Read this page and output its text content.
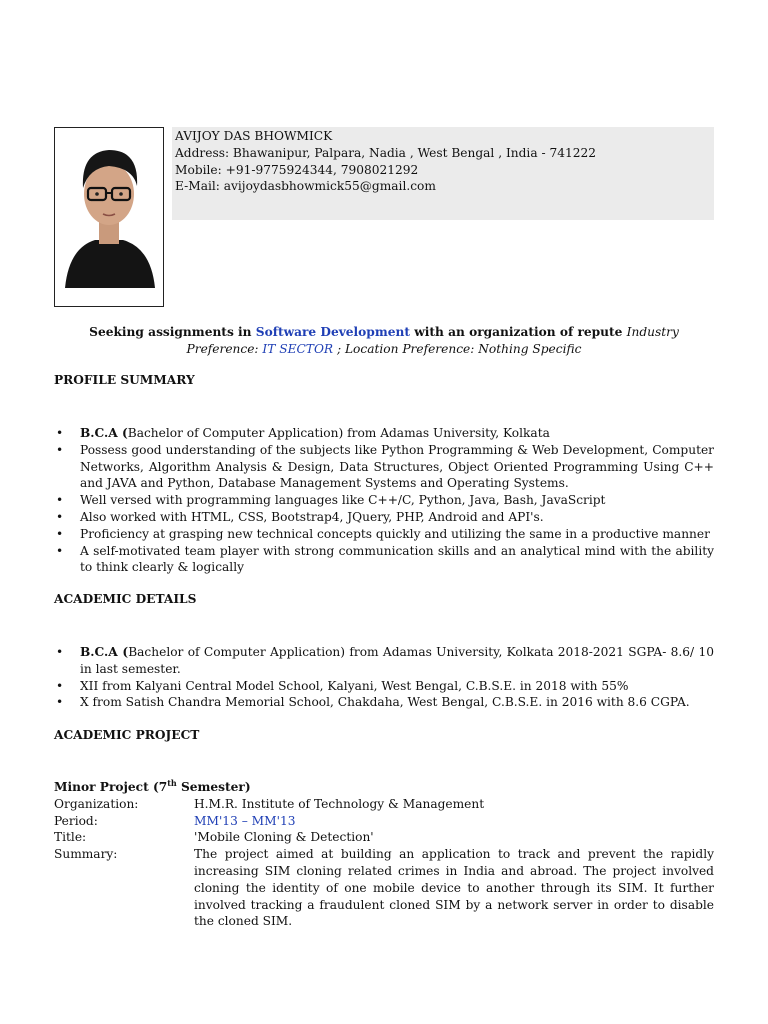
AVIJOY DAS BHOWMICK
Address: Bhawanipur, Palpara, Nadia , West Bengal , India - 741222
Mobile: +91-9775924344, 7908021292
E-Mail: avijoydasbhowmick55@gmail.com
Seeking assignments in Software Development with an organization of repute Industry Preference: IT SECTOR ; Location Preference: Nothing Specific
PROFILE SUMMARY
• B.C.A (Bachelor of Computer Application) from Adamas University, Kolkata
• Possess good understanding of the subjects like Python Programming & Web Development, Computer Networks, Algorithm Analysis & Design, Data Structures, Object Oriented Programming Using C++ and JAVA and Python, Database Management Systems and Operating Systems.
• Well versed with programming languages like C++/C, Python, Java, Bash, JavaScript
• Also worked with HTML, CSS, Bootstrap4, JQuery, PHP, Android and API's.
• Proficiency at grasping new technical concepts quickly and utilizing the same in a productive manner
• A self-motivated team player with strong communication skills and an analytical mind with the ability to think clearly & logically
ACADEMIC DETAILS
• B.C.A (Bachelor of Computer Application) from Adamas University, Kolkata 2018-2021 SGPA- 8.6/ 10 in last semester.
• XII from Kalyani Central Model School, Kalyani, West Bengal, C.B.S.E. in 2018 with 55%
• X from Satish Chandra Memorial School, Chakdaha, West Bengal, C.B.S.E. in 2016 with 8.6 CGPA.
ACADEMIC PROJECT
Minor Project (7th Semester)
Organization:	H.M.R. Institute of Technology & Management
Period:	MM'13 – MM'13
Title:	'Mobile Cloning & Detection'
Summary:	The project aimed at building an application to track and prevent the rapidly increasing SIM cloning related crimes in India and abroad. The project involved cloning the identity of one mobile device to another through its SIM. It further involved tracking a fraudulent cloned SIM by a network server in order to disable the cloned SIM.
